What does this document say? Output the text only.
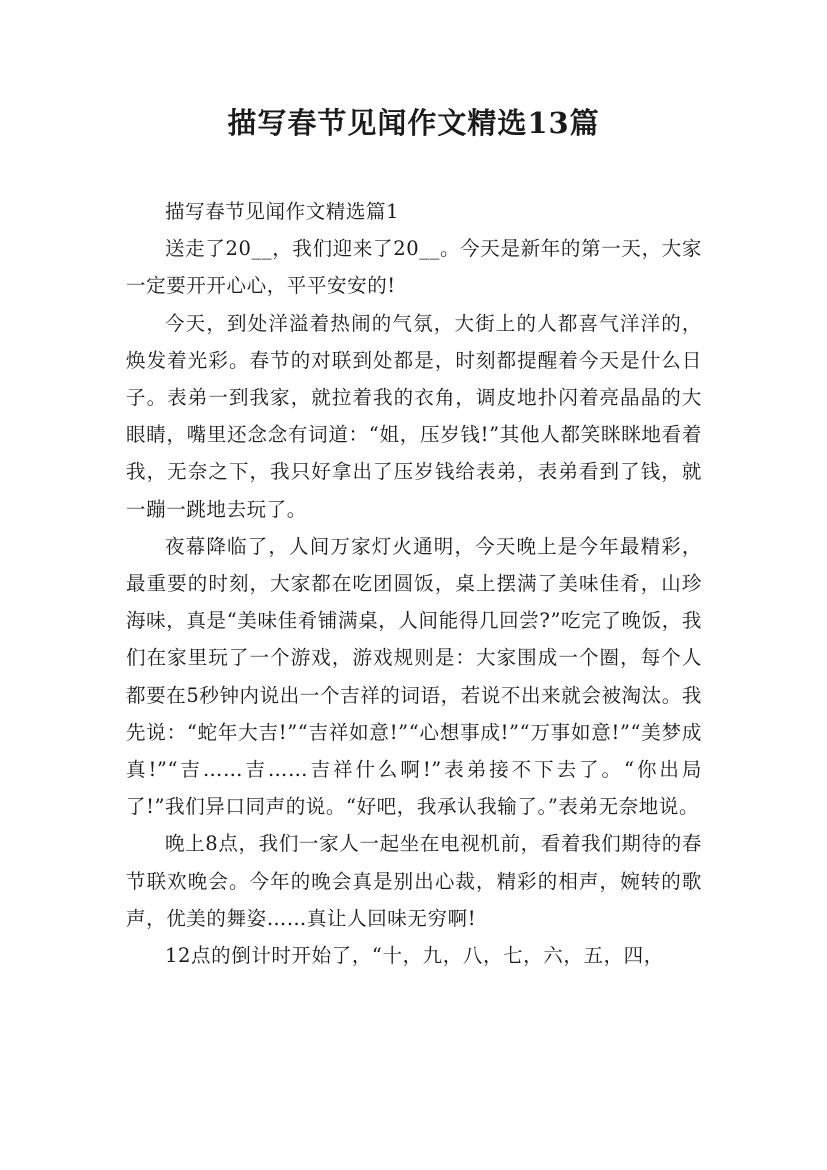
描写春节见闻作文精选13篇

描写春节见闻作文精选篇1

送走了20__，我们迎来了20__。今天是新年的第一天，大家一定要开开心心，平平安安的!

今天，到处洋溢着热闹的气氛，大街上的人都喜气洋洋的，焕发着光彩。春节的对联到处都是，时刻都提醒着今天是什么日子。表弟一到我家，就拉着我的衣角，调皮地扑闪着亮晶晶的大眼睛，嘴里还念念有词道：“姐，压岁钱!”其他人都笑眯眯地看着我，无奈之下，我只好拿出了压岁钱给表弟，表弟看到了钱，就一蹦一跳地去玩了。

夜幕降临了，人间万家灯火通明，今天晚上是今年最精彩，最重要的时刻，大家都在吃团圆饭，桌上摆满了美味佳肴，山珍海味，真是“美味佳肴铺满桌，人间能得几回尝?”吃完了晚饭，我们在家里玩了一个游戏，游戏规则是：大家围成一个圈，每个人都要在5秒钟内说出一个吉祥的词语，若说不出来就会被淘汰。我先说：“蛇年大吉!”“吉祥如意!”“心想事成!”“万事如意!”“美梦成真!”“吉……吉……吉祥什么啊!”表弟接不下去了。“你出局了!”我们异口同声的说。“好吧，我承认我输了。”表弟无奈地说。

晚上8点，我们一家人一起坐在电视机前，看着我们期待的春节联欢晚会。今年的晚会真是别出心裁，精彩的相声，婉转的歌声，优美的舞姿……真让人回味无穷啊!

12点的倒计时开始了，“十，九，八，七，六，五，四，
